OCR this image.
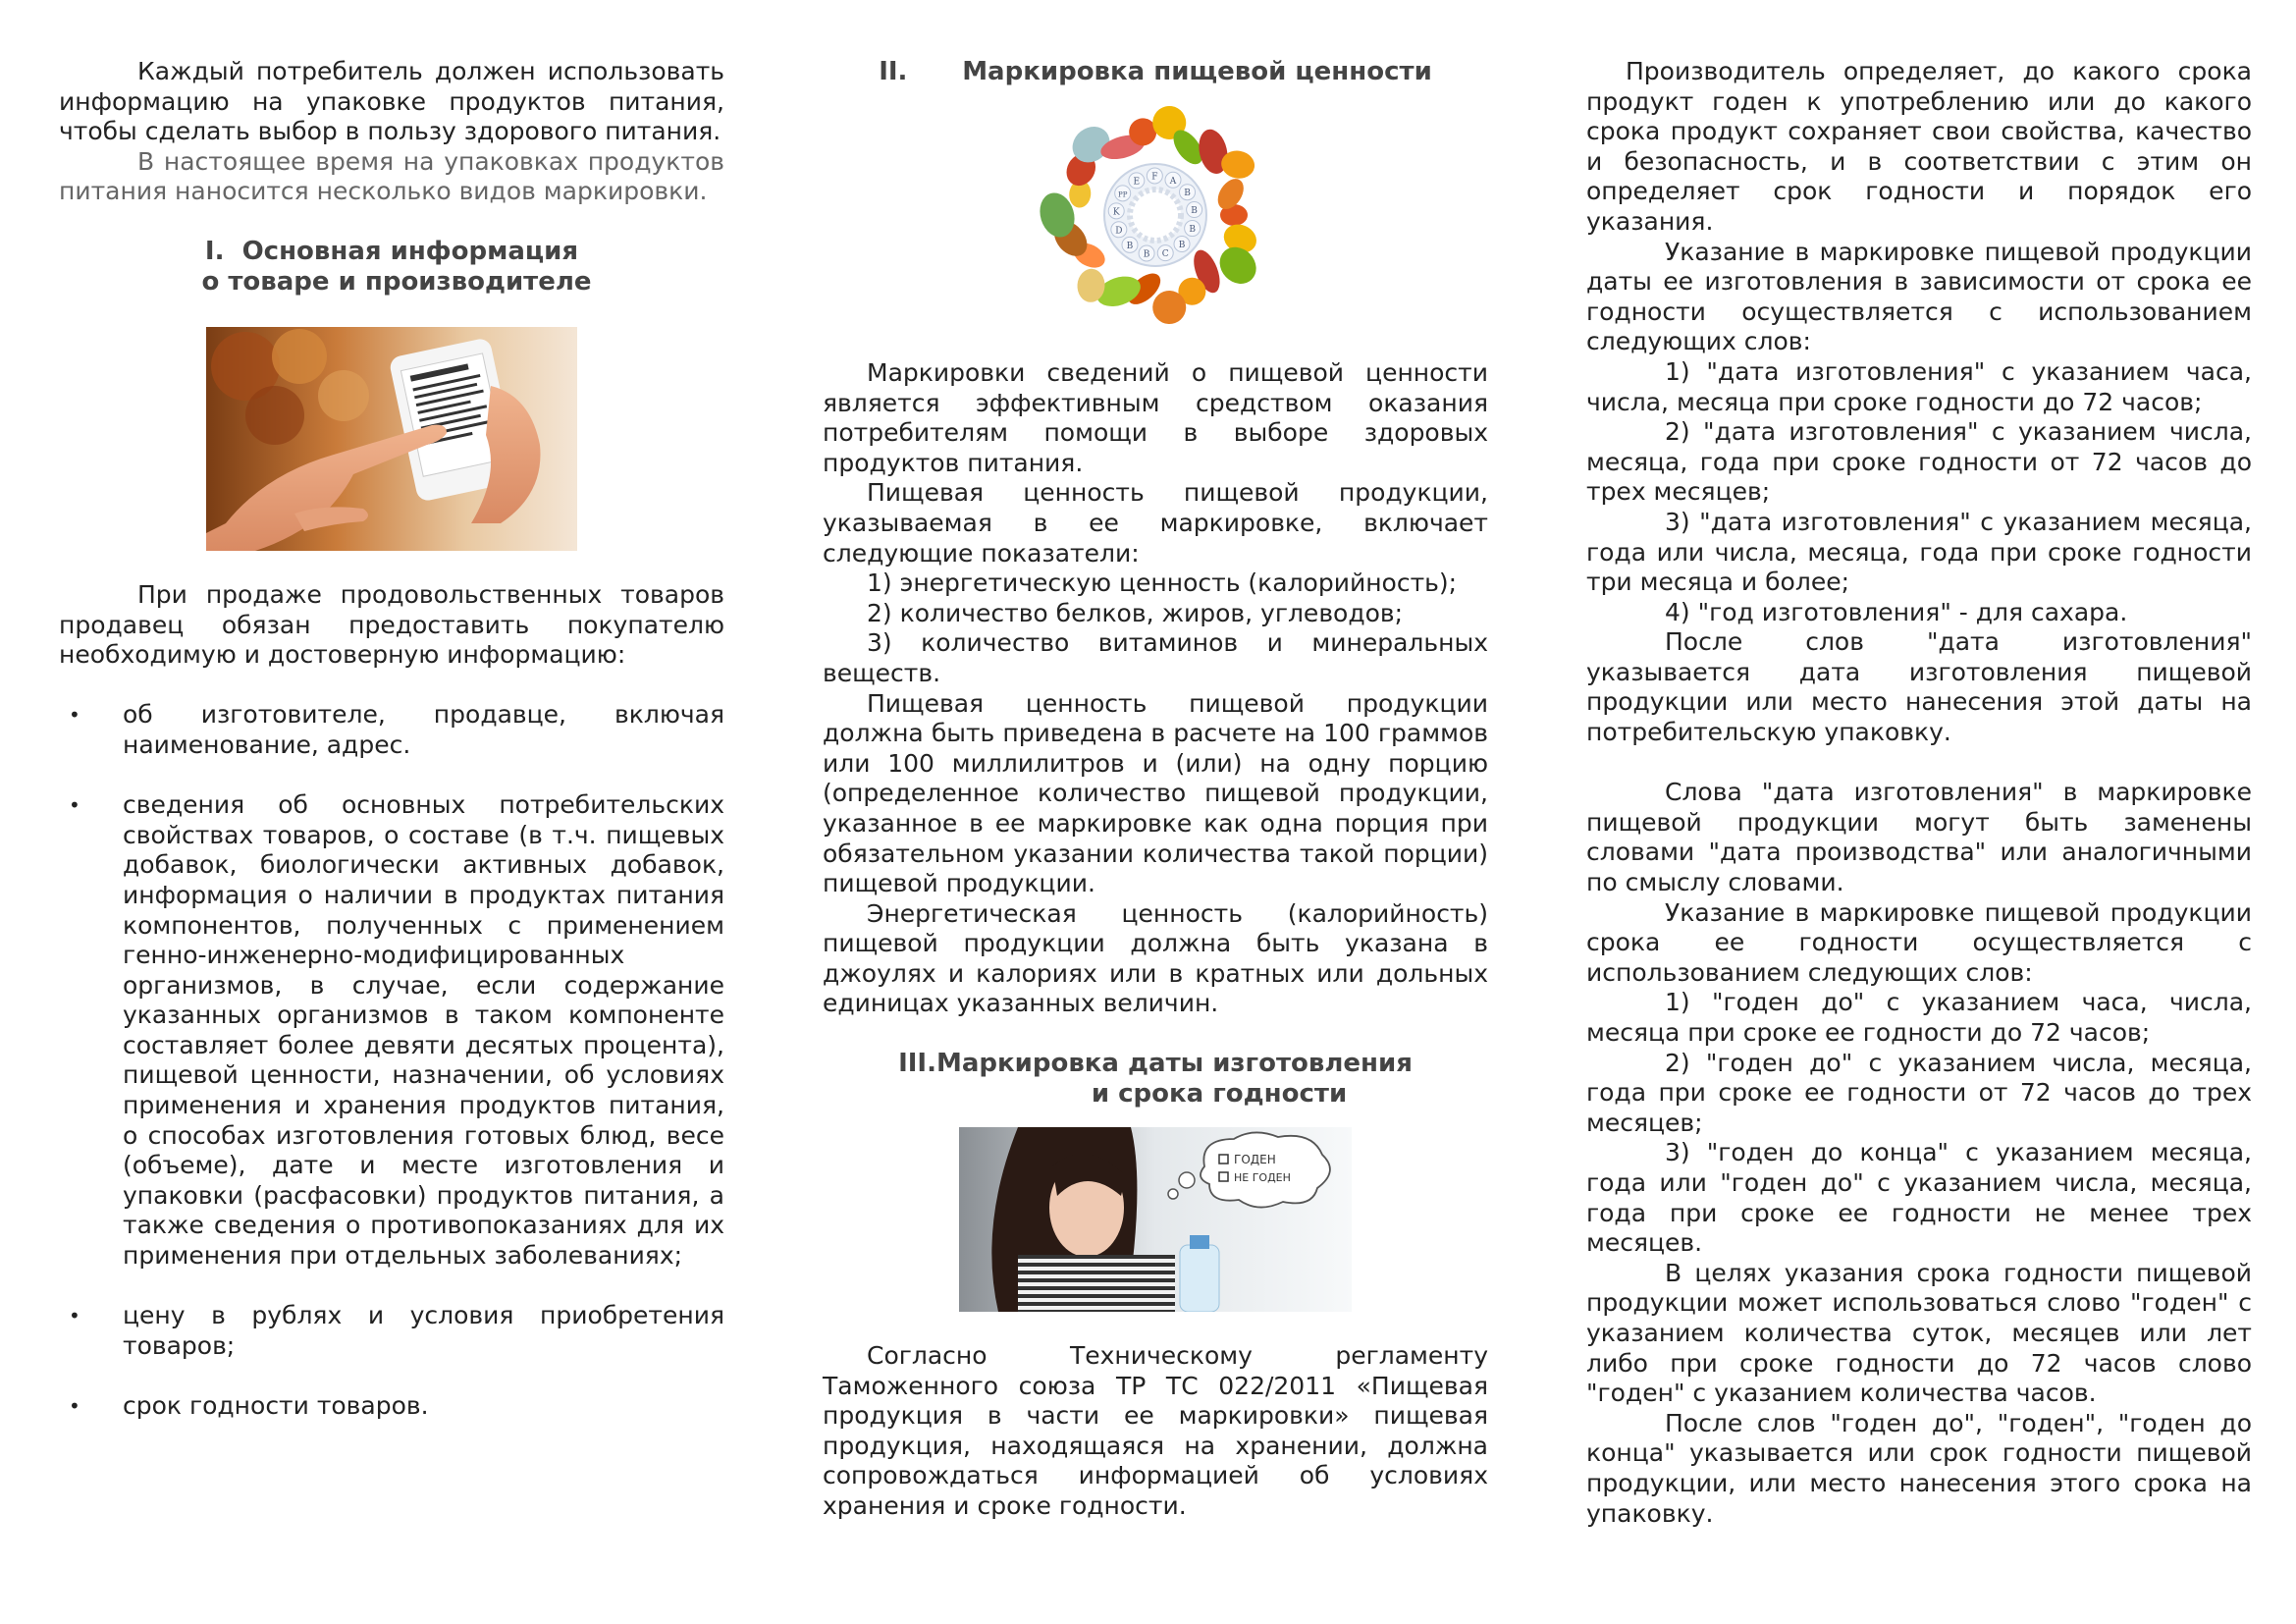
Каждый потребитель должен использовать информацию на упаковке продуктов питания, чтобы сделать выбор в пользу здорового питания.

В настоящее время на упаковках продуктов питания наносится несколько видов маркировки.

I.  Основная информация
о товаре и производителе

При продаже продовольственных товаров продавец обязан предоставить покупателю необходимую и достоверную информацию:

•	об изготовителе, продавце, включая наименование, адрес.
•	сведения об основных потребительских свойствах товаров, о составе (в т.ч. пищевых добавок, биологически активных добавок, информация о наличии в продуктах питания компонентов, полученных с применением генно-инженерно-модифицированных организмов, в случае, если содержание указанных организмов в таком компоненте составляет более девяти десятых процента), пищевой ценности, назначении, об условиях применения и хранения продуктов питания, о способах изготовления готовых блюд, весе (объеме), дате и месте изготовления и упаковки (расфасовки) продуктов питания, а также сведения о противопоказаниях для их применения при отдельных заболеваниях;
•	цену в рублях и условия приобретения товаров;
•	срок годности товаров.
II. Маркировка пищевой ценности
E F A
B
B
B
B
C
B
B
D
K
PP

Маркировки сведений о пищевой ценности является эффективным средством оказания потребителям помощи в выборе здоровых продуктов питания.

Пищевая ценность пищевой продукции, указываемая в ее маркировке, включает следующие показатели:

1) энергетическую ценность (калорийность);

2) количество белков, жиров, углеводов;

3) количество витаминов и минеральных веществ.

Пищевая ценность пищевой продукции должна быть приведена в расчете на 100 граммов или 100 миллилитров и (или) на одну порцию (определенное количество пищевой продукции, указанное в ее маркировке как одна порция при обязательном указании количества такой порции) пищевой продукции.

Энергетическая ценность (калорийность) пищевой продукции должна быть указана в джоулях и калориях или в кратных или дольных единицах указанных величин.

III.Маркировка даты изготовления
и срока годности
ГОДЕН
НЕ ГОДЕН

Согласно Техническому регламенту Таможенного союза ТР ТС 022/2011 «Пищевая продукция в части ее маркировки» пищевая продукция, находящаяся на хранении, должна сопровождаться информацией об условиях хранения и сроке годности.

Производитель определяет, до какого срока продукт годен к употреблению или до какого срока продукт сохраняет свои свойства, качество и безопасность, и в соответствии с этим он определяет срок годности и порядок его указания.

Указание в маркировке пищевой продукции даты ее изготовления в зависимости от срока ее годности осуществляется с использованием следующих слов:

1) "дата изготовления" с указанием часа, числа, месяца при сроке годности до 72 часов;

2) "дата изготовления" с указанием числа, месяца, года при сроке годности от 72 часов до трех месяцев;

3) "дата изготовления" с указанием месяца, года или числа, месяца, года при сроке годности три месяца и более;

4) "год изготовления" - для сахара.

После слов "дата изготовления" указывается дата изготовления пищевой продукции или место нанесения этой даты на потребительскую упаковку.

Слова "дата изготовления" в маркировке пищевой продукции могут быть заменены словами "дата производства" или аналогичными по смыслу словами.

Указание в маркировке пищевой продукции срока ее годности осуществляется с использованием следующих слов:

1) "годен до" с указанием часа, числа, месяца при сроке ее годности до 72 часов;

2) "годен до" с указанием числа, месяца, года при сроке ее годности от 72 часов до трех месяцев;

3) "годен до конца" с указанием месяца, года или "годен до" с указанием числа, месяца, года при сроке ее годности не менее трех месяцев.

В целях указания срока годности пищевой продукции может использоваться слово "годен" с указанием количества суток, месяцев или лет либо при сроке годности до 72 часов слово "годен" с указанием количества часов.

После слов "годен до", "годен", "годен до конца" указывается или срок годности пищевой продукции, или место нанесения этого срока на упаковку.
